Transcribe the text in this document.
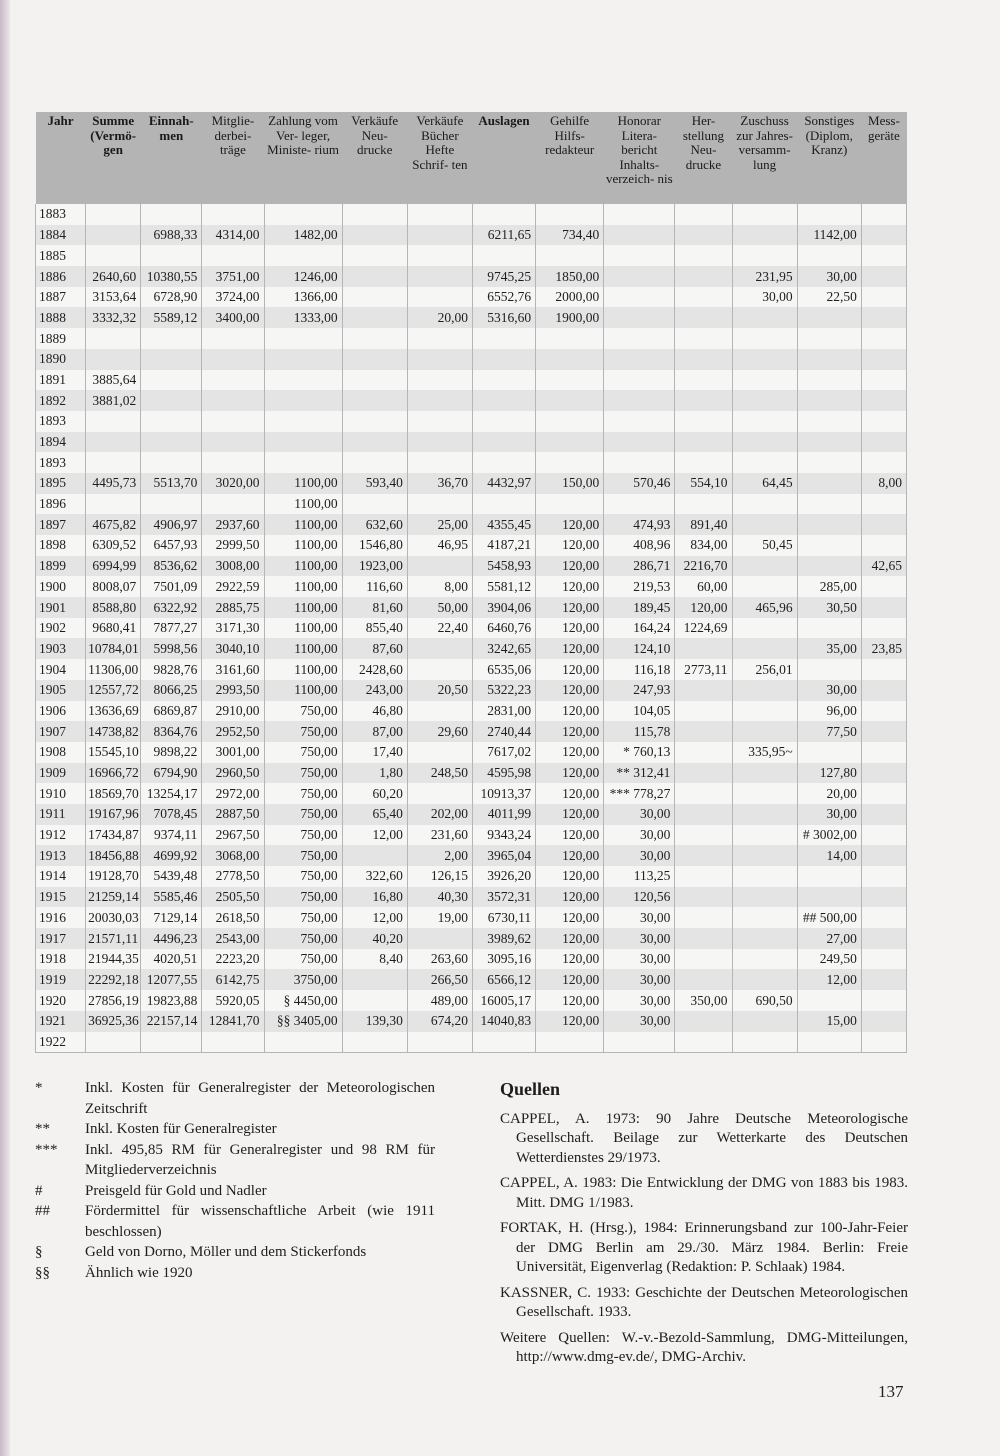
Jahr	Summe (Vermö- gen	Einnah- men	Mitglie- derbei- träge	Zahlung vom Ver- leger, Ministe- rium	Verkäufe Neu- drucke	Verkäufe Bücher Hefte Schrif- ten	Auslagen	Gehilfe Hilfs- redakteur	Honorar Litera- bericht Inhalts- verzeich- nis	Her- stellung Neu- drucke	Zuschuss zur Jahres- versamm- lung	Sonstiges (Diplom, Kranz)	Mess- geräte
1883													
1884		6988,33	4314,00	1482,00			6211,65	734,40				1142,00	
1885													
1886	2640,60	10380,55	3751,00	1246,00			9745,25	1850,00			231,95	30,00	
1887	3153,64	6728,90	3724,00	1366,00			6552,76	2000,00			30,00	22,50	
1888	3332,32	5589,12	3400,00	1333,00		20,00	5316,60	1900,00					
1889													
1890													
1891	3885,64												
1892	3881,02												
1893													
1894													
1893													
1895	4495,73	5513,70	3020,00	1100,00	593,40	36,70	4432,97	150,00	570,46	554,10	64,45		8,00
1896				1100,00									
1897	4675,82	4906,97	2937,60	1100,00	632,60	25,00	4355,45	120,00	474,93	891,40			
1898	6309,52	6457,93	2999,50	1100,00	1546,80	46,95	4187,21	120,00	408,96	834,00	50,45		
1899	6994,99	8536,62	3008,00	1100,00	1923,00		5458,93	120,00	286,71	2216,70			42,65
1900	8008,07	7501,09	2922,59	1100,00	116,60	8,00	5581,12	120,00	219,53	60,00		285,00	
1901	8588,80	6322,92	2885,75	1100,00	81,60	50,00	3904,06	120,00	189,45	120,00	465,96	30,50	
1902	9680,41	7877,27	3171,30	1100,00	855,40	22,40	6460,76	120,00	164,24	1224,69			
1903	10784,01	5998,56	3040,10	1100,00	87,60		3242,65	120,00	124,10			35,00	23,85
1904	11306,00	9828,76	3161,60	1100,00	2428,60		6535,06	120,00	116,18	2773,11	256,01		
1905	12557,72	8066,25	2993,50	1100,00	243,00	20,50	5322,23	120,00	247,93			30,00	
1906	13636,69	6869,87	2910,00	750,00	46,80		2831,00	120,00	104,05			96,00	
1907	14738,82	8364,76	2952,50	750,00	87,00	29,60	2740,44	120,00	115,78			77,50	
1908	15545,10	9898,22	3001,00	750,00	17,40		7617,02	120,00	* 760,13		335,95~		
1909	16966,72	6794,90	2960,50	750,00	1,80	248,50	4595,98	120,00	** 312,41			127,80	
1910	18569,70	13254,17	2972,00	750,00	60,20		10913,37	120,00	*** 778,27			20,00	
1911	19167,96	7078,45	2887,50	750,00	65,40	202,00	4011,99	120,00	30,00			30,00	
1912	17434,87	9374,11	2967,50	750,00	12,00	231,60	9343,24	120,00	30,00			# 3002,00	
1913	18456,88	4699,92	3068,00	750,00		2,00	3965,04	120,00	30,00			14,00	
1914	19128,70	5439,48	2778,50	750,00	322,60	126,15	3926,20	120,00	113,25				
1915	21259,14	5585,46	2505,50	750,00	16,80	40,30	3572,31	120,00	120,56				
1916	20030,03	7129,14	2618,50	750,00	12,00	19,00	6730,11	120,00	30,00			## 500,00	
1917	21571,11	4496,23	2543,00	750,00	40,20		3989,62	120,00	30,00			27,00	
1918	21944,35	4020,51	2223,20	750,00	8,40	263,60	3095,16	120,00	30,00			249,50	
1919	22292,18	12077,55	6142,75	3750,00		266,50	6566,12	120,00	30,00			12,00	
1920	27856,19	19823,88	5920,05	§ 4450,00		489,00	16005,17	120,00	30,00	350,00	690,50		
1921	36925,36	22157,14	12841,70	§§ 3405,00	139,30	674,20	14040,83	120,00	30,00			15,00	
1922													
*	Inkl. Kosten für Generalregister der Meteorologischen Zeitschrift
**	Inkl. Kosten für Generalregister
***	Inkl. 495,85 RM für Generalregister und 98 RM für Mitgliederverzeichnis
#	Preisgeld für Gold und Nadler
##	Fördermittel für wissenschaftliche Arbeit (wie 1911 beschlossen)
§	Geld von Dorno, Möller und dem Stickerfonds
§§	Ähnlich wie 1920
Quellen

CAPPEL, A. 1973: 90 Jahre Deutsche Meteorologische Gesellschaft. Beilage zur Wetterkarte des Deutschen Wetterdienstes 29/1973.

CAPPEL, A. 1983: Die Entwicklung der DMG von 1883 bis 1983. Mitt. DMG 1/1983.

FORTAK, H. (Hrsg.), 1984: Erinnerungsband zur 100-Jahr-Feier der DMG Berlin am 29./30. März 1984. Berlin: Freie Universität, Eigenverlag (Redaktion: P. Schlaak) 1984.

KASSNER, C. 1933: Geschichte der Deutschen Meteorologischen Gesellschaft. 1933.

Weitere Quellen: W.-v.-Bezold-Sammlung, DMG-Mitteilungen, http://www.dmg-ev.de/, DMG-Archiv.

137
